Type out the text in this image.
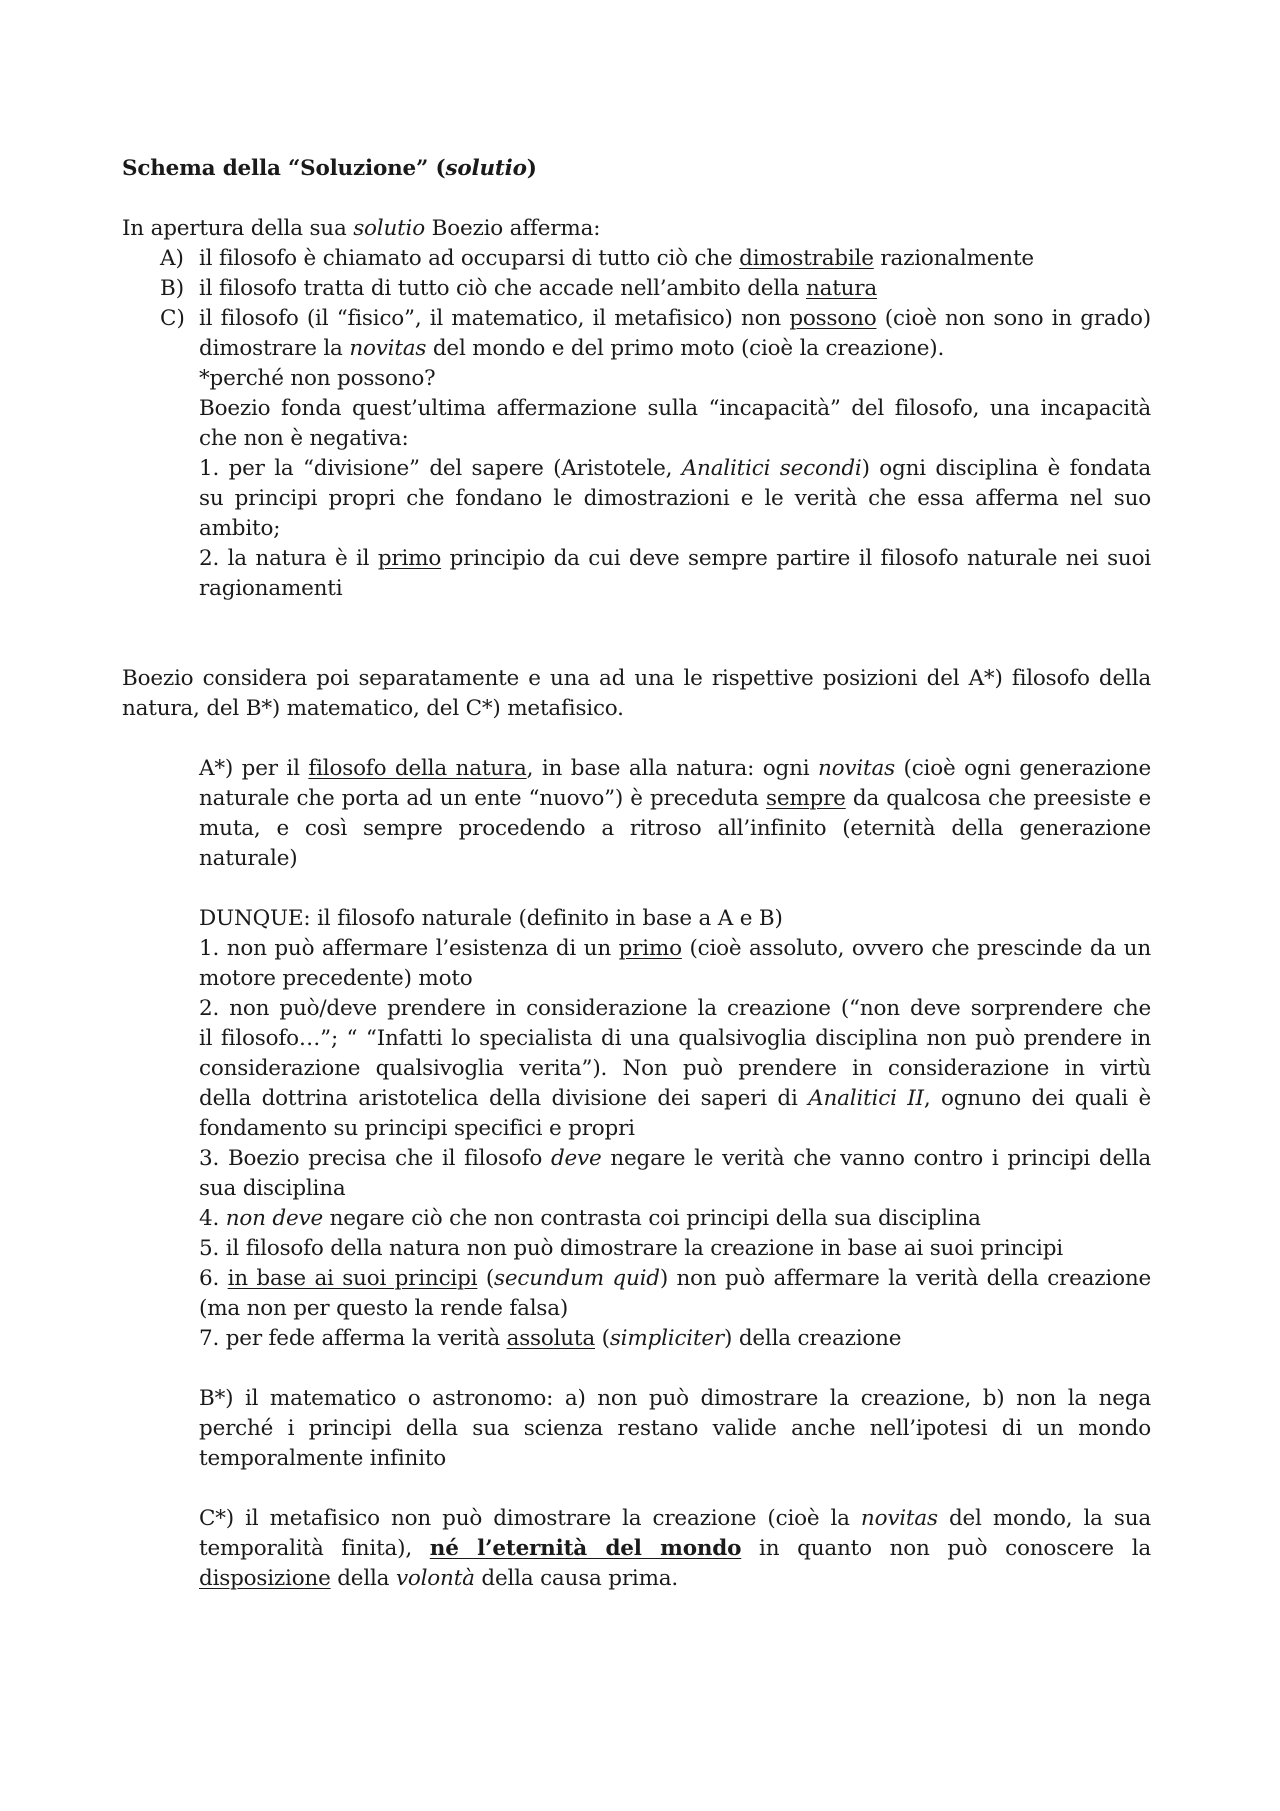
Schema della “Soluzione” (solutio)
In apertura della sua solutio Boezio afferma:
A) il filosofo è chiamato ad occuparsi di tutto ciò che dimostrabile razionalmente
B) il filosofo tratta di tutto ciò che accade nell’ambito della natura
C) il filosofo (il “fisico”, il matematico, il metafisico) non possono (cioè non sono in grado)
dimostrare la novitas del mondo e del primo moto (cioè la creazione).
*perché non possono?
Boezio fonda quest’ultima affermazione sulla “incapacità” del filosofo, una incapacità
che non è negativa:
1. per la “divisione” del sapere (Aristotele, Analitici secondi) ogni disciplina è fondata
su principi propri che fondano le dimostrazioni e le verità che essa afferma nel suo
ambito;
2. la natura è il primo principio da cui deve sempre partire il filosofo naturale nei suoi
ragionamenti
Boezio considera poi separatamente e una ad una le rispettive posizioni del A*) filosofo della
natura, del B*) matematico, del C*) metafisico.
A*) per il filosofo della natura, in base alla natura: ogni novitas (cioè ogni generazione
naturale che porta ad un ente “nuovo”) è preceduta sempre da qualcosa che preesiste e
muta, e così sempre procedendo a ritroso all’infinito (eternità della generazione
naturale)
DUNQUE: il filosofo naturale (definito in base a A e B)
1. non può affermare l’esistenza di un primo (cioè assoluto, ovvero che prescinde da un
motore precedente) moto
2. non può/deve prendere in considerazione la creazione (“non deve sorprendere che
il filosofo…”; “ “Infatti lo specialista di una qualsivoglia disciplina non può prendere in
considerazione qualsivoglia verita”). Non può prendere in considerazione in virtù
della dottrina aristotelica della divisione dei saperi di Analitici II, ognuno dei quali è
fondamento su principi specifici e propri
3. Boezio precisa che il filosofo deve negare le verità che vanno contro i principi della
sua disciplina
4. non deve negare ciò che non contrasta coi principi della sua disciplina
5. il filosofo della natura non può dimostrare la creazione in base ai suoi principi
6. in base ai suoi principi (secundum quid) non può affermare la verità della creazione
(ma non per questo la rende falsa)
7. per fede afferma la verità assoluta (simpliciter) della creazione
B*) il matematico o astronomo: a) non può dimostrare la creazione, b) non la nega
perché i principi della sua scienza restano valide anche nell’ipotesi di un mondo
temporalmente infinito
C*) il metafisico non può dimostrare la creazione (cioè la novitas del mondo, la sua
temporalità finita), né l’eternità del mondo in quanto non può conoscere la
disposizione della volontà della causa prima.
